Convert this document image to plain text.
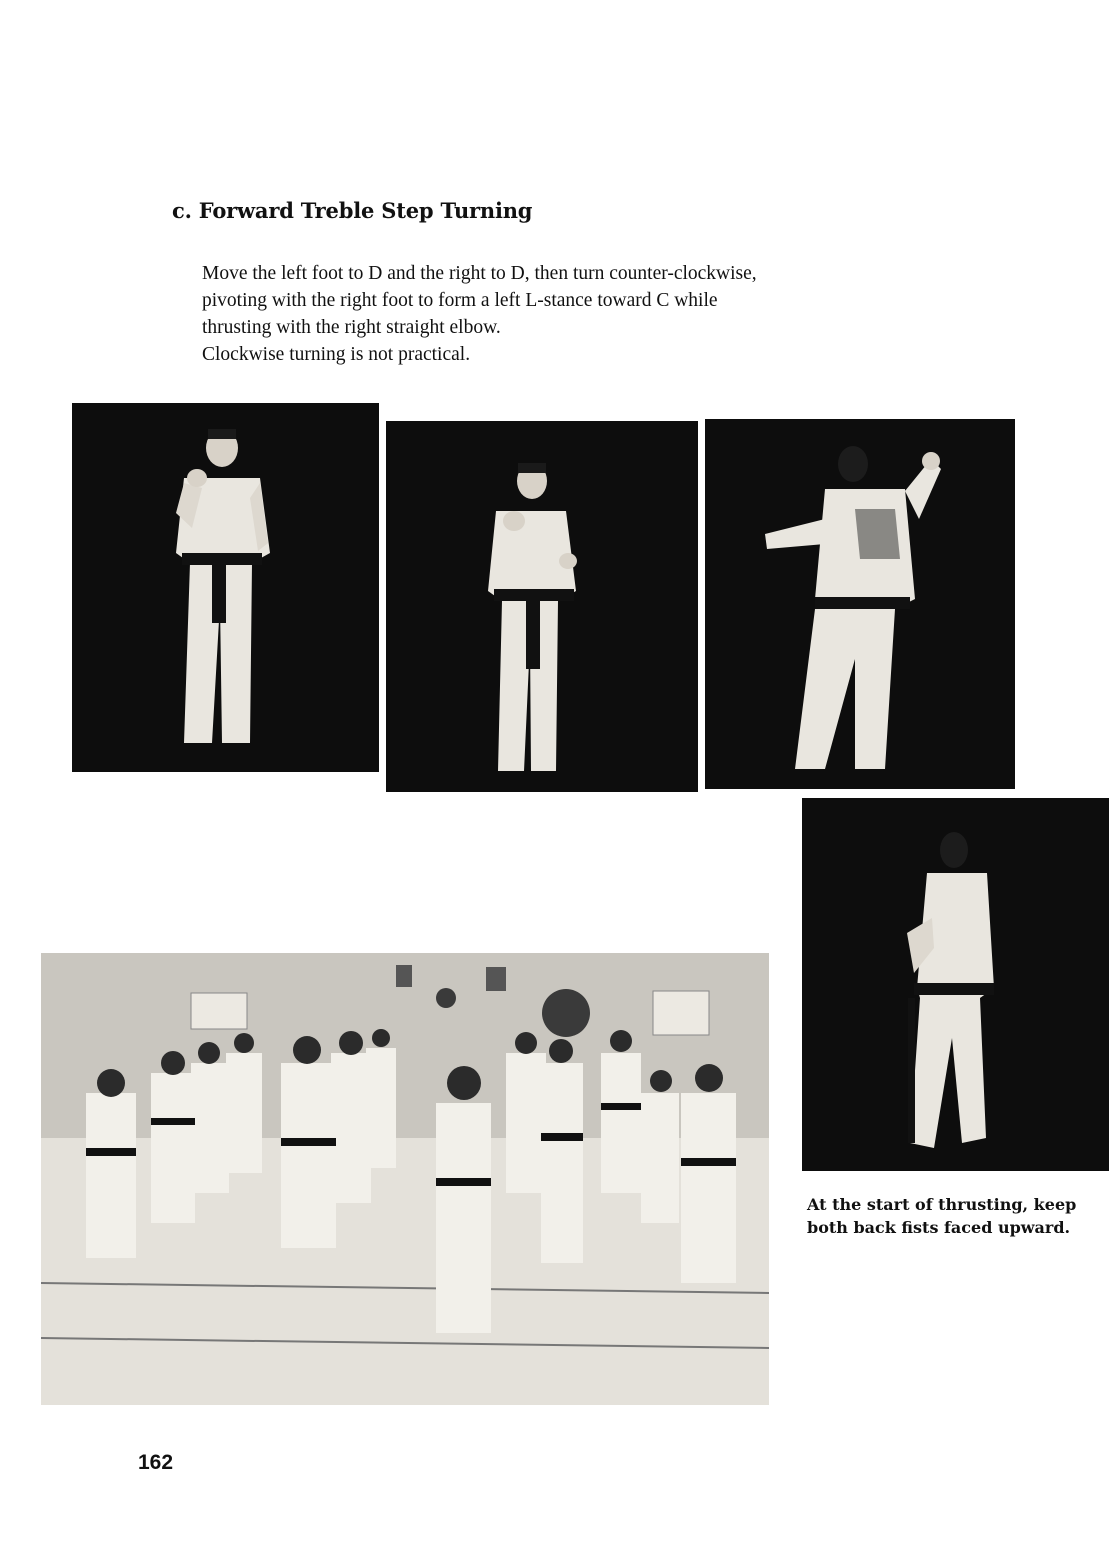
c. Forward Treble Step Turning

Move the left foot to D and the right to D, then turn counter-clockwise,
pivoting with the right foot to form a left L-stance toward C while
thrusting with the right straight elbow.
Clockwise turning is not practical.

At the start of thrusting, keep
both back fists faced upward.

162
